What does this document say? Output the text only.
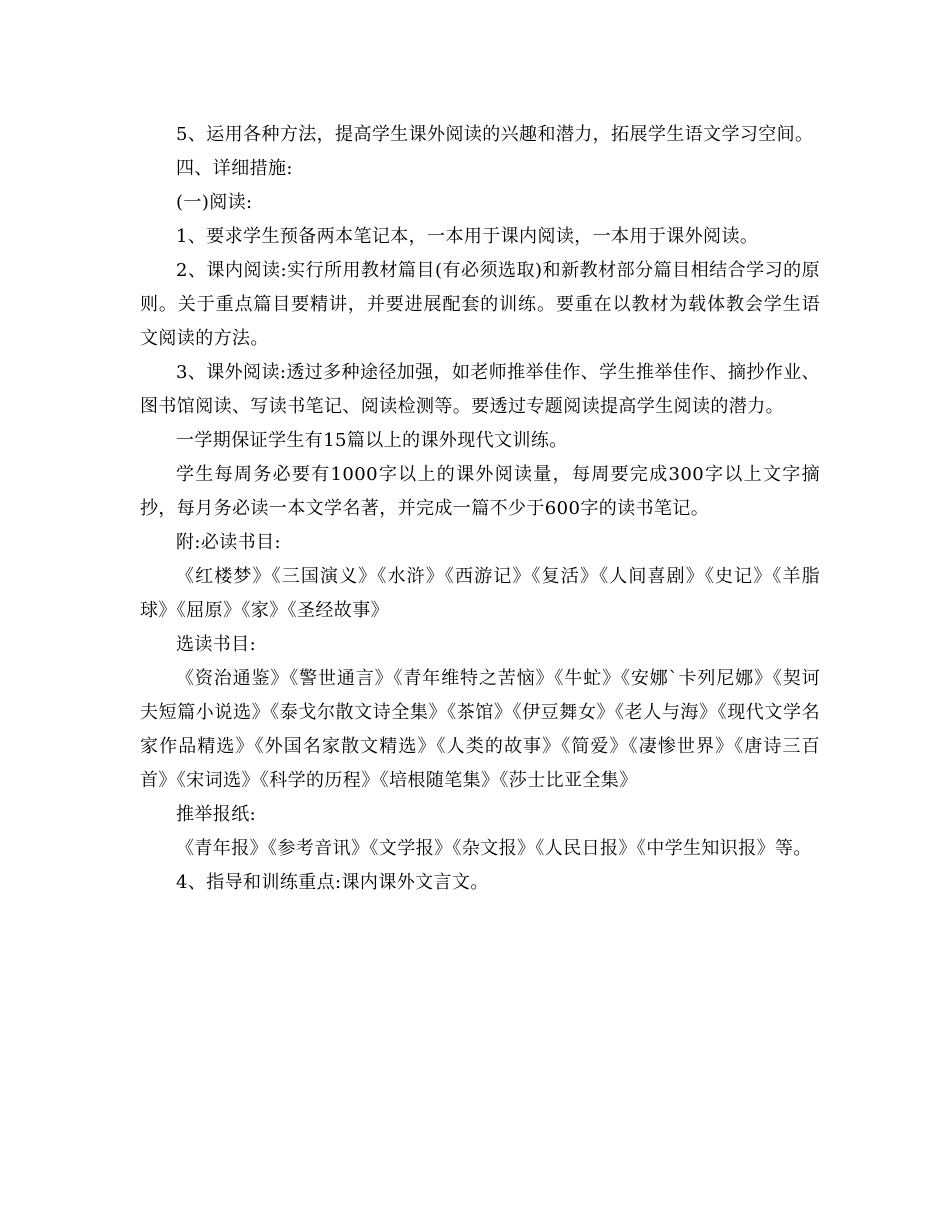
5、运用各种方法，提高学生课外阅读的兴趣和潜力，拓展学生语文学习空间。

四、详细措施:

(一)阅读:

1、要求学生预备两本笔记本，一本用于课内阅读，一本用于课外阅读。

2、课内阅读:实行所用教材篇目(有必须选取)和新教材部分篇目相结合学习的原则。关于重点篇目要精讲，并要进展配套的训练。要重在以教材为载体教会学生语文阅读的方法。

3、课外阅读:透过多种途径加强，如老师推举佳作、学生推举佳作、摘抄作业、图书馆阅读、写读书笔记、阅读检测等。要透过专题阅读提高学生阅读的潜力。

一学期保证学生有15篇以上的课外现代文训练。

学生每周务必要有1000字以上的课外阅读量，每周要完成300字以上文字摘抄，每月务必读一本文学名著，并完成一篇不少于600字的读书笔记。

附:必读书目:

《红楼梦》《三国演义》《水浒》《西游记》《复活》《人间喜剧》《史记》《羊脂球》《屈原》《家》《圣经故事》

选读书目:

《资治通鉴》《警世通言》《青年维特之苦恼》《牛虻》《安娜`卡列尼娜》《契诃夫短篇小说选》《泰戈尔散文诗全集》《茶馆》《伊豆舞女》《老人与海》《现代文学名家作品精选》《外国名家散文精选》《人类的故事》《简爱》《凄惨世界》《唐诗三百首》《宋词选》《科学的历程》《培根随笔集》《莎士比亚全集》

推举报纸:

《青年报》《参考音讯》《文学报》《杂文报》《人民日报》《中学生知识报》等。

4、指导和训练重点:课内课外文言文。
